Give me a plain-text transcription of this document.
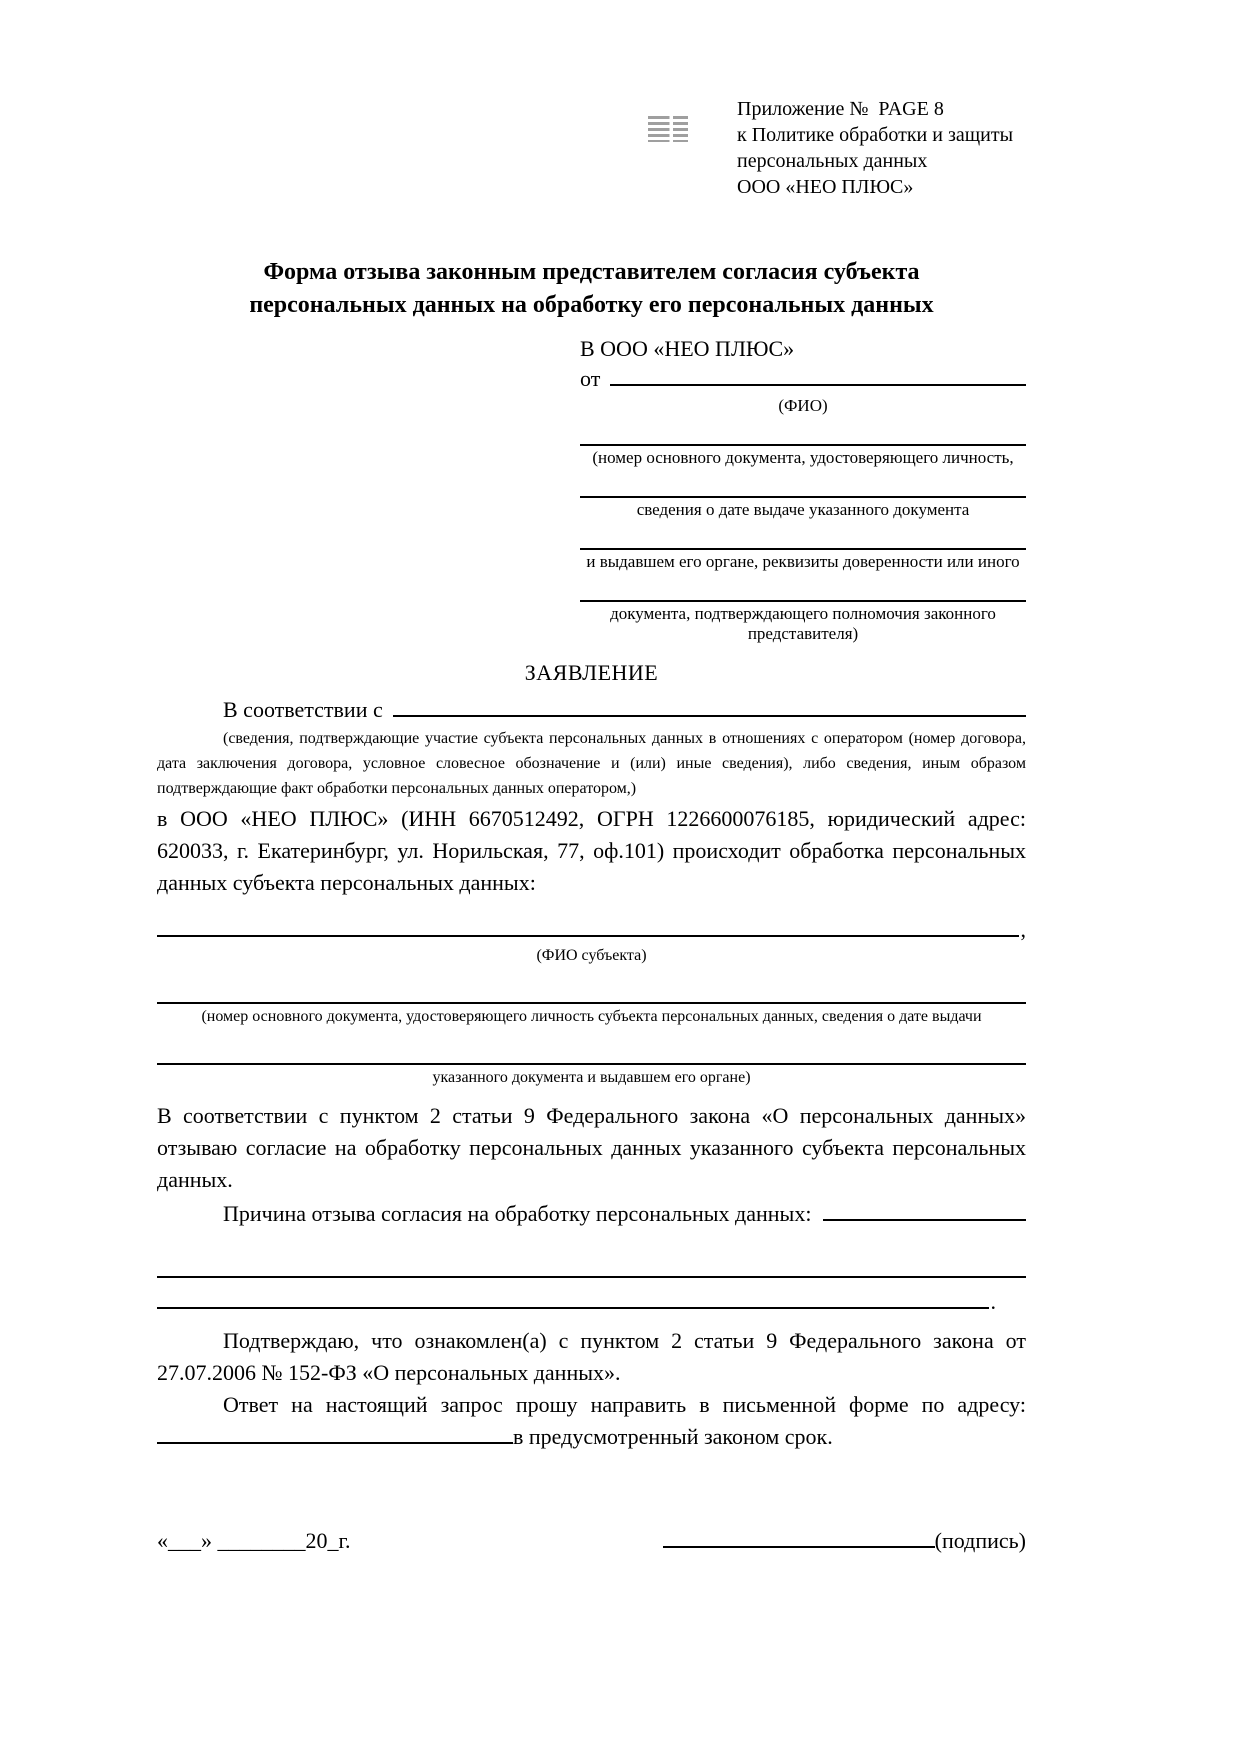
Приложение №  PAGE 8
к Политике обработки и защиты
персональных данных
ООО «НЕО ПЛЮС»
Форма отзыва законным представителем согласия субъекта
персональных данных на обработку его персональных данных
В ООО «НЕО ПЛЮС»
от
(ФИО)
(номер основного документа, удостоверяющего личность,
сведения о дате выдаче указанного документа
и выдавшем его органе, реквизиты доверенности или иного
документа, подтверждающего полномочия законного представителя)
ЗАЯВЛЕНИЕ
В соответствии с
(сведения, подтверждающие участие субъекта персональных данных в отношениях с оператором (номер договора, дата заключения договора, условное словесное обозначение и (или) иные сведения), либо сведения, иным образом подтверждающие факт обработки персональных данных оператором,)
в ООО «НЕО ПЛЮС» (ИНН 6670512492, ОГРН 1226600076185, юридический адрес: 620033, г. Екатеринбург, ул. Норильская, 77, оф.101) происходит обработка персональных данных субъекта персональных данных:
,
(ФИО субъекта)
(номер основного документа, удостоверяющего личность субъекта персональных данных, сведения о дате выдачи
указанного документа и выдавшем его органе)
В соответствии с пунктом 2 статьи 9 Федерального закона «О персональных данных» отзываю согласие на обработку персональных данных указанного субъекта персональных данных.
Причина отзыва согласия на обработку персональных данных:
.
Подтверждаю, что ознакомлен(а) с пунктом 2 статьи 9 Федерального закона от 27.07.2006 № 152-ФЗ «О персональных данных».
Ответ на настоящий запрос прошу направить в письменной форме по адресу: в предусмотренный законом срок.
«___» ________20_г.	(подпись)
